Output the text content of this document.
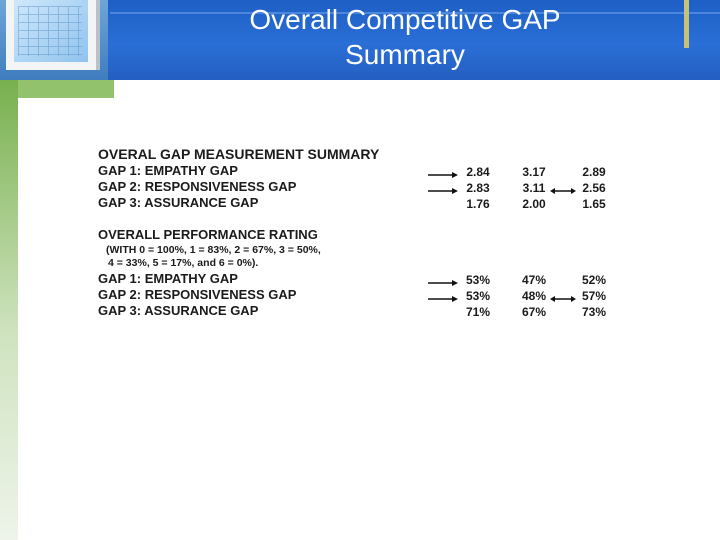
Overall Competitive GAP
Summary
OVERAL GAP MEASUREMENT SUMMARY
GAP 1: EMPATHY GAP	2.84	3.17	2.89
GAP 2: RESPONSIVENESS GAP	2.83	3.11	2.56
GAP 3: ASSURANCE GAP	1.76	2.00	1.65
OVERALL PERFORMANCE RATING
(WITH 0 = 100%, 1 = 83%, 2 = 67%, 3 = 50%,
4 = 33%, 5 = 17%, and 6 = 0%).
GAP 1: EMPATHY GAP	53%	47%	52%
GAP 2: RESPONSIVENESS GAP	53%	48%	57%
GAP 3: ASSURANCE GAP	71%	67%	73%
